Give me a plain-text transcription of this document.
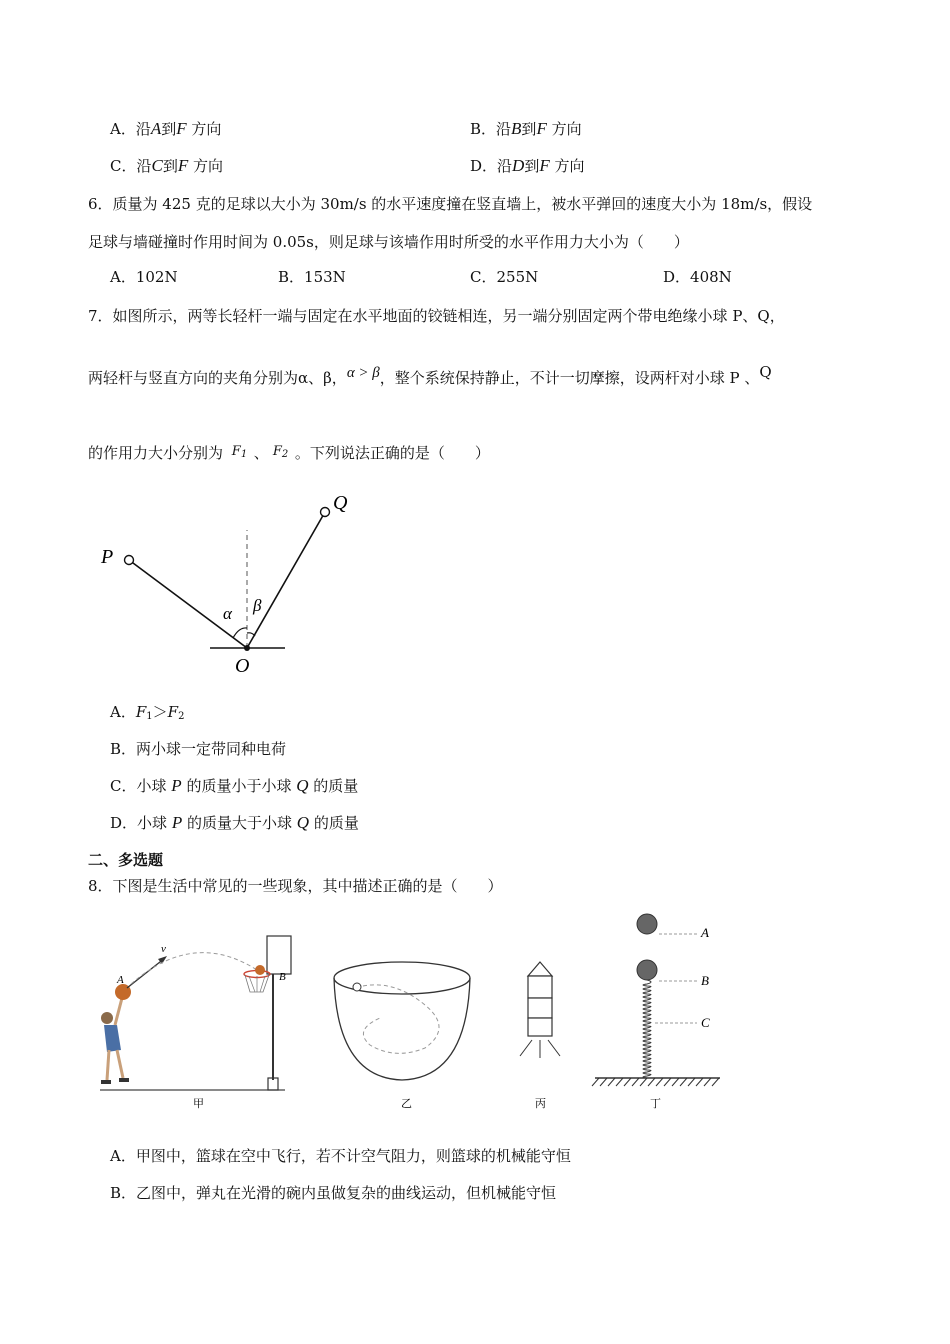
A．沿A到F 方向	B．沿B到F 方向
C．沿C到F 方向	D．沿D到F 方向
6．质量为 425 克的足球以大小为 30m/s 的水平速度撞在竖直墙上，被水平弹回的速度大小为 18m/s，假设
足球与墙碰撞时作用时间为 0.05s，则足球与该墙作用时所受的水平作用力大小为（　　）
A．102N	B．153N	C．255N	D．408N
7．如图所示，两等长轻杆一端与固定在水平地面的铰链相连，另一端分别固定两个带电绝缘小球 P、Q，
两轻杆与竖直方向的夹角分别为α、β，α > β，整个系统保持静止，不计一切摩擦，设两杆对小球 P 、Q
的作用力大小分别为 $F_1$ 、 $F_2$ 。下列说法正确的是（　　）
P
Q
O
α β
A．$F_1>F_2$
B．两小球一定带同种电荷
C．小球 P 的质量小于小球 Q 的质量
D．小球 P 的质量大于小球 Q 的质量
二、多选题
8．下图是生活中常见的一些现象，其中描述正确的是（　　）
v
A	B
甲	乙	丙
A
B
C
丁
A．甲图中，篮球在空中飞行，若不计空气阻力，则篮球的机械能守恒
B．乙图中，弹丸在光滑的碗内虽做复杂的曲线运动，但机械能守恒
